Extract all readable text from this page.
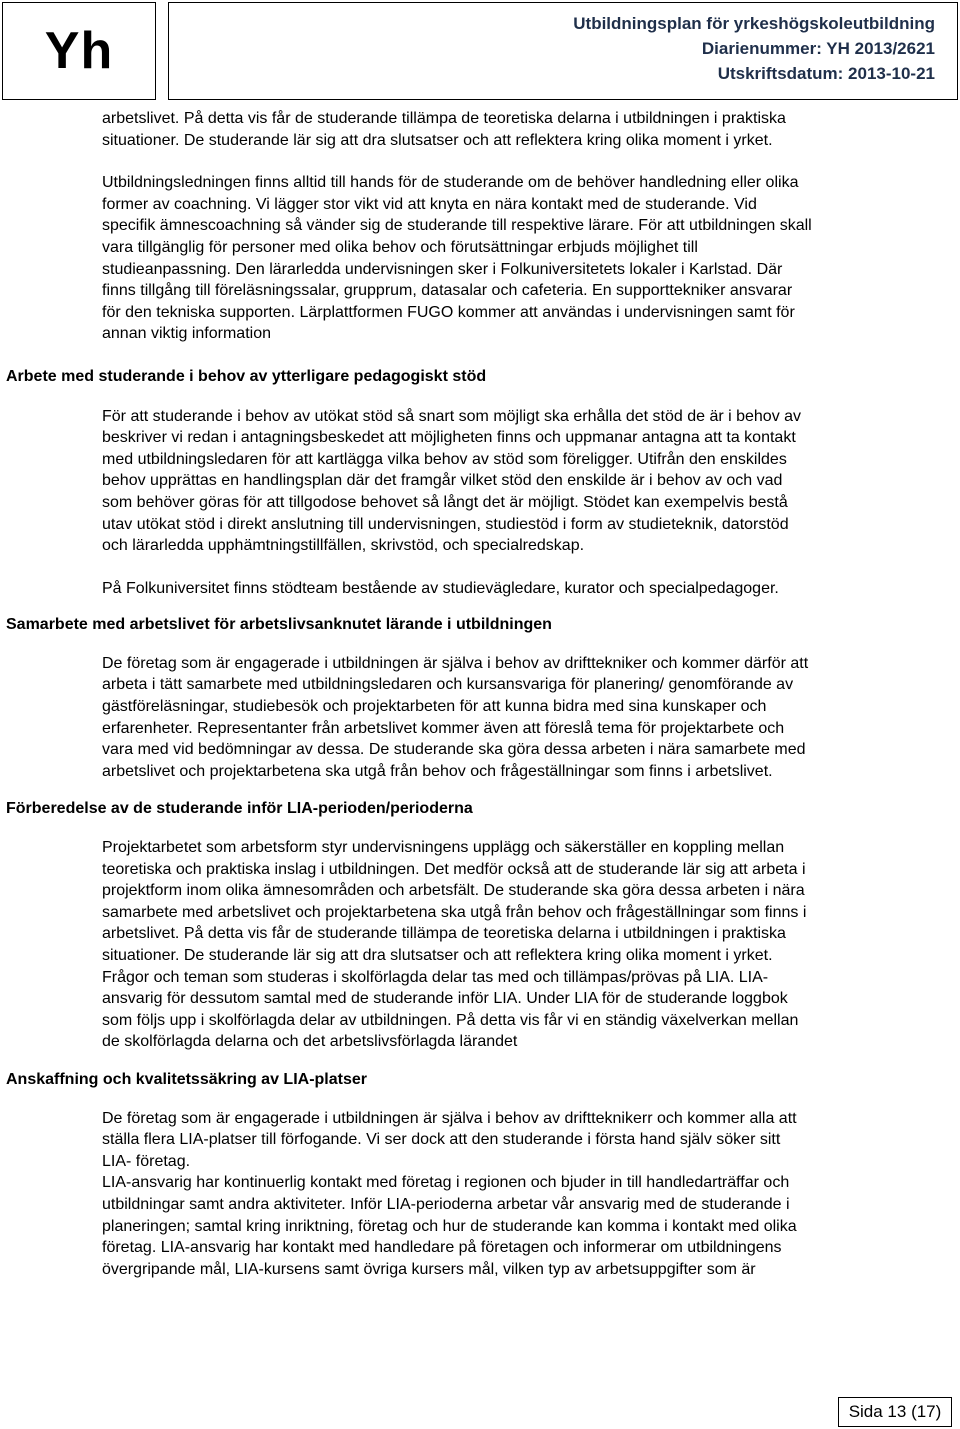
Yh	Utbildningsplan för yrkeshögskoleutbildning
Diarienummer: YH 2013/2621
Utskriftsdatum: 2013-10-21

arbetslivet. På detta vis får de studerande tillämpa de teoretiska delarna i utbildningen i praktiska
situationer. De studerande lär sig att dra slutsatser och att reflektera kring olika moment i yrket.

Utbildningsledningen finns alltid till hands för de studerande om de behöver handledning eller olika
former av coachning. Vi lägger stor vikt vid att knyta en nära kontakt med de studerande. Vid
specifik ämnescoachning så vänder sig de studerande till respektive lärare. För att utbildningen skall
vara tillgänglig för personer med olika behov och förutsättningar erbjuds möjlighet till
studieanpassning. Den lärarledda undervisningen sker i Folkuniversitetets lokaler i Karlstad. Där
finns tillgång till föreläsningssalar, grupprum, datasalar och cafeteria. En supporttekniker ansvarar
för den tekniska supporten. Lärplattformen FUGO kommer att användas i undervisningen samt för
annan viktig information

Arbete med studerande i behov av ytterligare pedagogiskt stöd

För att studerande i behov av utökat stöd så snart som möjligt ska erhålla det stöd de är i behov av
beskriver vi redan i antagningsbeskedet att möjligheten finns och uppmanar antagna att ta kontakt
med utbildningsledaren för att kartlägga vilka behov av stöd som föreligger. Utifrån den enskildes
behov upprättas en handlingsplan där det framgår vilket stöd den enskilde är i behov av och vad
som behöver göras för att tillgodose behovet så långt det är möjligt. Stödet kan exempelvis bestå
utav utökat stöd i direkt anslutning till undervisningen, studiestöd i form av studieteknik, datorstöd
och lärarledda upphämtningstillfällen, skrivstöd, och specialredskap.

På Folkuniversitet finns stödteam bestående av studievägledare, kurator och specialpedagoger.

Samarbete med arbetslivet för arbetslivsanknutet lärande i utbildningen

De företag som är engagerade i utbildningen är själva i behov av drifttekniker och kommer därför att
arbeta i tätt samarbete med utbildningsledaren och kursansvariga för planering/ genomförande av
gästföreläsningar, studiebesök och projektarbeten för att kunna bidra med sina kunskaper och
erfarenheter. Representanter från arbetslivet kommer även att föreslå tema för projektarbete och
vara med vid bedömningar av dessa. De studerande ska göra dessa arbeten i nära samarbete med
arbetslivet och projektarbetena ska utgå från behov och frågeställningar som finns i arbetslivet.

Förberedelse av de studerande inför LIA-perioden/perioderna

Projektarbetet som arbetsform styr undervisningens upplägg och säkerställer en koppling mellan
teoretiska och praktiska inslag i utbildningen. Det medför också att de studerande lär sig att arbeta i
projektform inom olika ämnesområden och arbetsfält. De studerande ska göra dessa arbeten i nära
samarbete med arbetslivet och projektarbetena ska utgå från behov och frågeställningar som finns i
arbetslivet. På detta vis får de studerande tillämpa de teoretiska delarna i utbildningen i praktiska
situationer. De studerande lär sig att dra slutsatser och att reflektera kring olika moment i yrket.
Frågor och teman som studeras i skolförlagda delar tas med och tillämpas/prövas på LIA. LIA-
ansvarig för dessutom samtal med de studerande inför LIA. Under LIA för de studerande loggbok
som följs upp i skolförlagda delar av utbildningen. På detta vis får vi en ständig växelverkan mellan
de skolförlagda delarna och det arbetslivsförlagda lärandet

Anskaffning och kvalitetssäkring av LIA-platser

De företag som är engagerade i utbildningen är själva i behov av driftteknikerr och kommer alla att
ställa flera LIA-platser till förfogande. Vi ser dock att den studerande i första hand själv söker sitt
LIA- företag.
LIA-ansvarig har kontinuerlig kontakt med företag i regionen och bjuder in till handledarträffar och
utbildningar samt andra aktiviteter. Inför LIA-perioderna arbetar vår ansvarig med de studerande i
planeringen; samtal kring inriktning, företag och hur de studerande kan komma i kontakt med olika
företag. LIA-ansvarig har kontakt med handledare på företagen och informerar om utbildningens
övergripande mål, LIA-kursens samt övriga kursers mål, vilken typ av arbetsuppgifter som är

Sida 13 (17)
